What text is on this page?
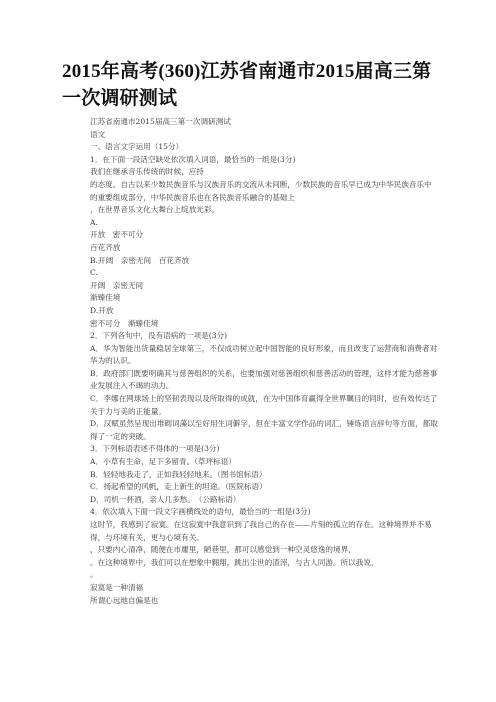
2015年高考(360)江苏省南通市2015届高三第一次调研测试
江苏省南通市2015届高三第一次调研测试
语文
一、语言文字运用（15分）
1．在下面一段话空缺处依次填入词语，最恰当的一组是(3分)
我们在继承音乐传统的时候，应持
的态度。自古以来少数民族音乐与汉族音乐的交流从未间断，少数民族的音乐早已成为中华民族音乐中
的重要组成部分，中华民族音乐也在各民族音乐融合的基础上
，在世界音乐文化大舞台上绽放光彩。
A.
开放　密不可分
百花齐放
B.开阔　亲密无间　百花齐放
C.
开阔　亲密无间
渐臻佳境
D.开放
密不可分　渐臻佳境
2．下列各句中，没有语病的一项是(3分)
A．华为智能出货量稳居全球第三，不仅成功树立起中国智能的良好形象，而且改变了运营商和消费者对华为的认识。
B．政府部门既要明确其与慈善组织的关系，也要加强对慈善组织和慈善活动的管理，这样才能为慈善事业发展注入不竭的动力。
C．李娜在网球场上的坚韧表现以及所取得的成就，在为中国体育赢得全世界瞩目的同时，也有效传达了关于力与美的正能量。
D．汉赋虽然呈现出堆砌词藻以至好用生词僻字，但在丰富文学作品的词汇、锤炼语言辞句等方面，都取得了一定的突破。
3．下列标语表述不得体的一项是(3分)
A．小草有生命，足下多留青。（草坪标语）
B．轻轻地我走了，正如我轻轻地来。（图书馆标语）
C．扬起希望的风帆，走上新生的坦途。（医院标语）
D．司机一杯酒，亲人几多愁。　（公路标语）
4．依次填入下面一段文字画横线处的语句，最恰当的一组是(3分)
这时节，我感到了寂寞。在这寂寞中我意识到了我自己的存在——片刻的孤立的存在。这种境界并不易得，与环境有关，更与心境有关。
，只要内心清净，随便在市廛里，陋巷里，都可以感觉到一种空灵悠逸的境界，
。在这种境界中，我们可以在想象中翱翔，跳出尘世的渣滓，与古人同游。所以我说，
。
寂寞是一种清福
所谓心远地自偏是也
